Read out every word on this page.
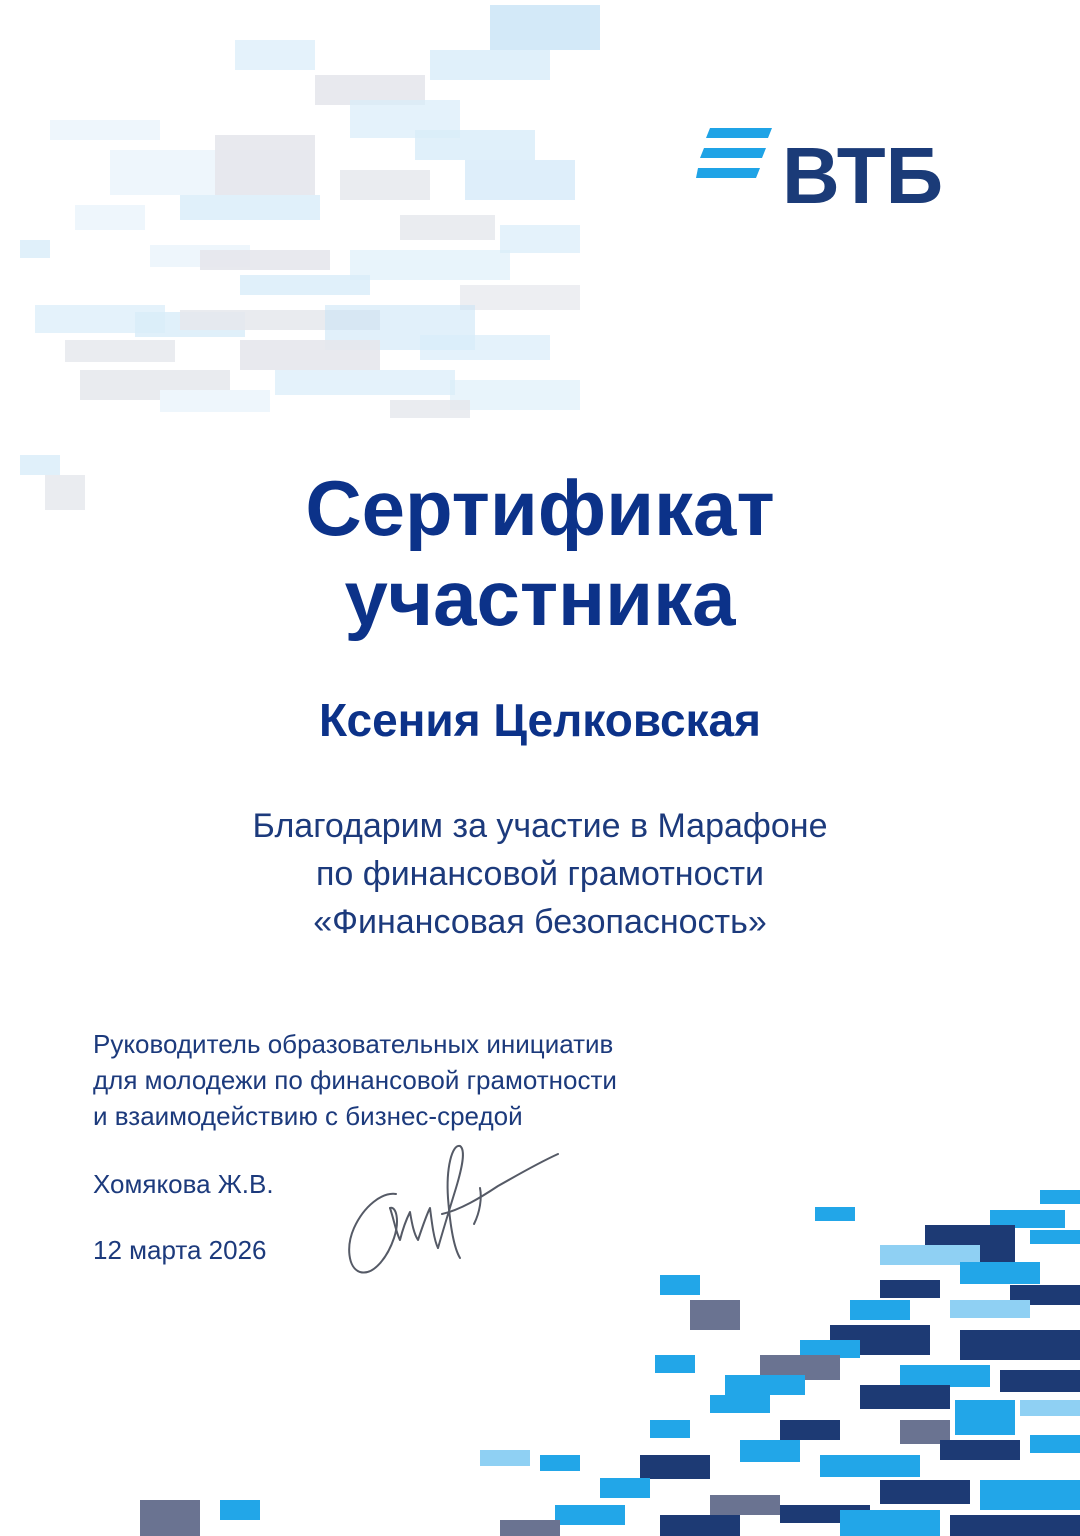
ВТБ
Сертификат
участника
Ксения Целковская
Благодарим за участие в Марафоне
по финансовой грамотности
«Финансовая безопасность»
Руководитель образовательных инициатив
для молодежи по финансовой грамотности
и взаимодействию с бизнес-средой
Хомякова Ж.В.
12 марта 2026
